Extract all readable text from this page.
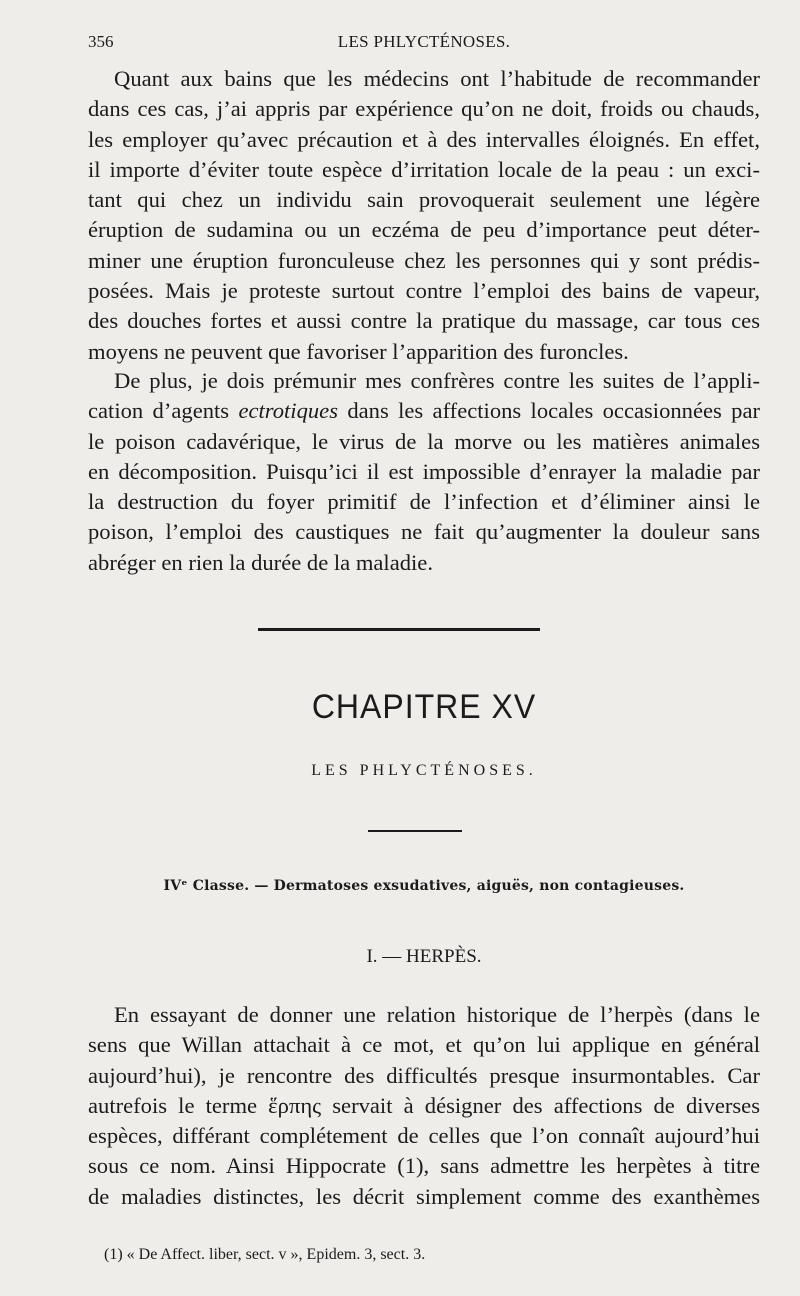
356	LES PHLYCTÉNOSES.
Quant aux bains que les médecins ont l’habitude de recommander
dans ces cas, j’ai appris par expérience qu’on ne doit, froids ou chauds,
les employer qu’avec précaution et à des intervalles éloignés. En effet,
il importe d’éviter toute espèce d’irritation locale de la peau : un exci-
tant qui chez un individu sain provoquerait seulement une légère
éruption de sudamina ou un eczéma de peu d’importance peut déter-
miner une éruption furonculeuse chez les personnes qui y sont prédis-
posées. Mais je proteste surtout contre l’emploi des bains de vapeur,
des douches fortes et aussi contre la pratique du massage, car tous ces
moyens ne peuvent que favoriser l’apparition des furoncles.
De plus, je dois prémunir mes confrères contre les suites de l’appli-
cation d’agents ectrotiques dans les affections locales occasionnées par
le poison cadavérique, le virus de la morve ou les matières animales
en décomposition. Puisqu’ici il est impossible d’enrayer la maladie par
la destruction du foyer primitif de l’infection et d’éliminer ainsi le
poison, l’emploi des caustiques ne fait qu’augmenter la douleur sans
abréger en rien la durée de la maladie.
CHAPITRE XV
LES PHLYCTÉNOSES.
IVᵉ Classe. — Dermatoses exsudatives, aiguës, non contagieuses.
I. — HERPÈS.
En essayant de donner une relation historique de l’herpès (dans le
sens que Willan attachait à ce mot, et qu’on lui applique en général
aujourd’hui), je rencontre des difficultés presque insurmontables. Car
autrefois le terme ἕρπης servait à désigner des affections de diverses
espèces, différant complétement de celles que l’on connaît aujourd’hui
sous ce nom. Ainsi Hippocrate (1), sans admettre les herpètes à titre
de maladies distinctes, les décrit simplement comme des exanthèmes
(1) « De Affect. liber, sect. v », Epidem. 3, sect. 3.
